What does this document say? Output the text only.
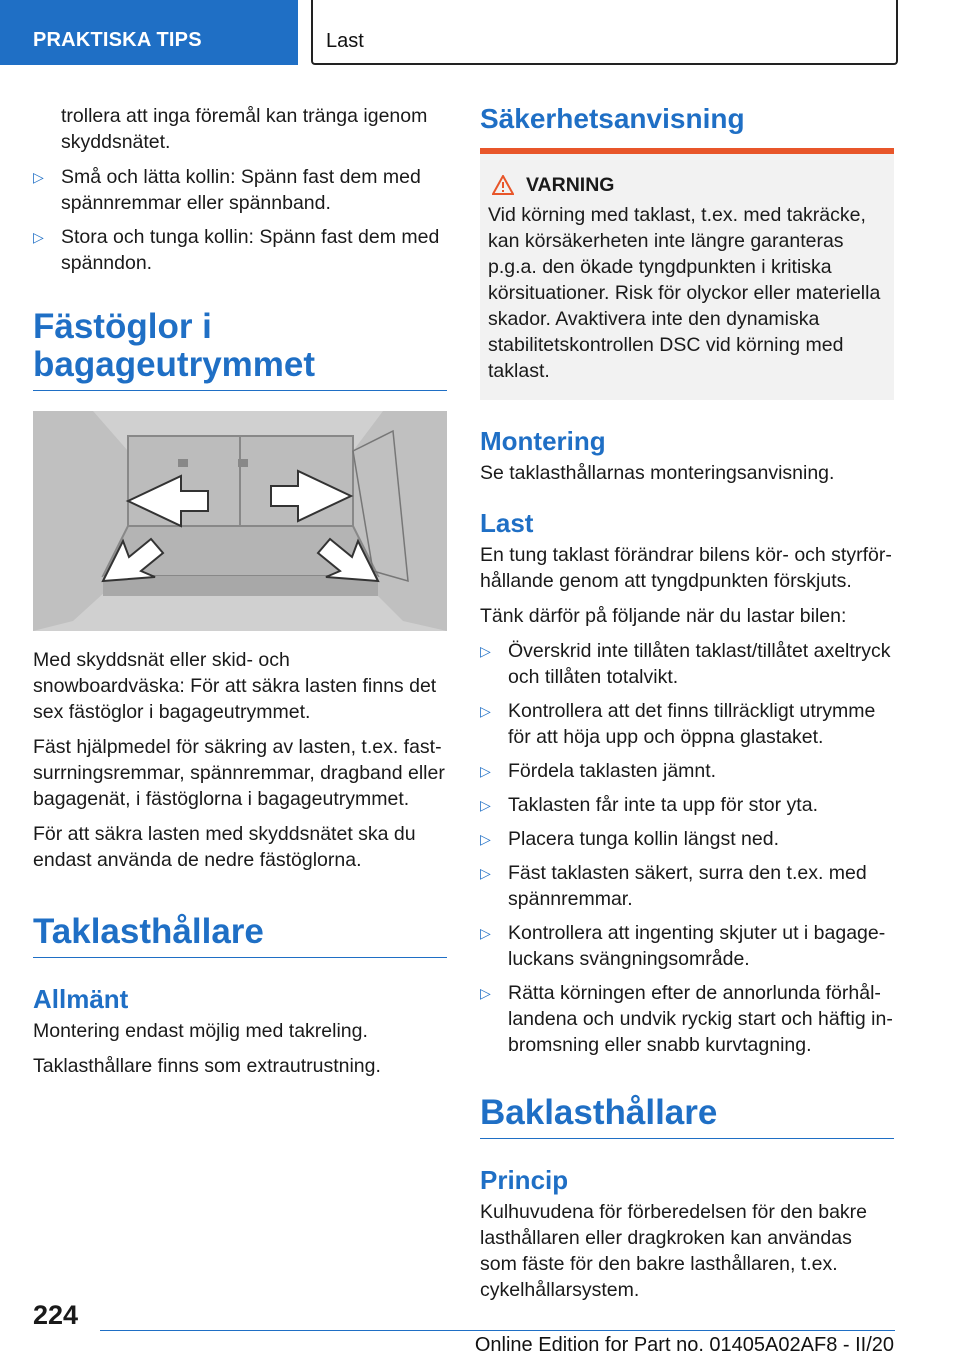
PRAKTISKA TIPS	Last

trollera att inga föremål kan tränga igenom skyddsnätet.

▷ Små och lätta kollin: Spänn fast dem med spännremmar eller spännband.
▷ Stora och tunga kollin: Spänn fast dem med spänndon.
Fästöglor i bagageutrymmet

Med skyddsnät eller skid- och snowboardväska: För att säkra lasten finns det sex fästöglor i bagageutrymmet.

Fäst hjälpmedel för säkring av lasten, t.ex. fastsurrningsremmar, spännremmar, dragband eller bagagenät, i fästöglorna i bagageutrymmet.

För att säkra lasten med skyddsnätet ska du endast använda de nedre fästöglorna.

Taklasthållare
Allmänt

Montering endast möjlig med takreling.

Taklasthållare finns som extrautrustning.

Säkerhetsanvisning
VARNING
Vid körning med taklast, t.ex. med takräcke, kan körsäkerheten inte längre garanteras p.g.a. den ökade tyngdpunkten i kritiska körsituationer. Risk för olyckor eller materiella skador. Avaktivera inte den dynamiska stabilitetskontrollen DSC vid körning med taklast.
Montering

Se taklasthållarnas monteringsanvisning.

Last

En tung taklast förändrar bilens kör- och styrförhållande genom att tyngdpunkten förskjuts.

Tänk därför på följande när du lastar bilen:

▷ Överskrid inte tillåten taklast/tillåtet axeltryck och tillåten totalvikt.
▷ Kontrollera att det finns tillräckligt utrymme för att höja upp och öppna glastaket.
▷ Fördela taklasten jämnt.
▷ Taklasten får inte ta upp för stor yta.
▷ Placera tunga kollin längst ned.
▷ Fäst taklasten säkert, surra den t.ex. med spännremmar.
▷ Kontrollera att ingenting skjuter ut i bagageluckans svängningsområde.
▷ Rätta körningen efter de annorlunda förhållandena och undvik ryckig start och häftig inbromsning eller snabb kurvtagning.
Baklasthållare
Princip

Kulhuvudena för förberedelsen för den bakre lasthållaren eller dragkroken kan användas som fäste för den bakre lasthållaren, t.ex. cykelhållarsystem.

224
Online Edition for Part no. 01405A02AF8 - II/20
